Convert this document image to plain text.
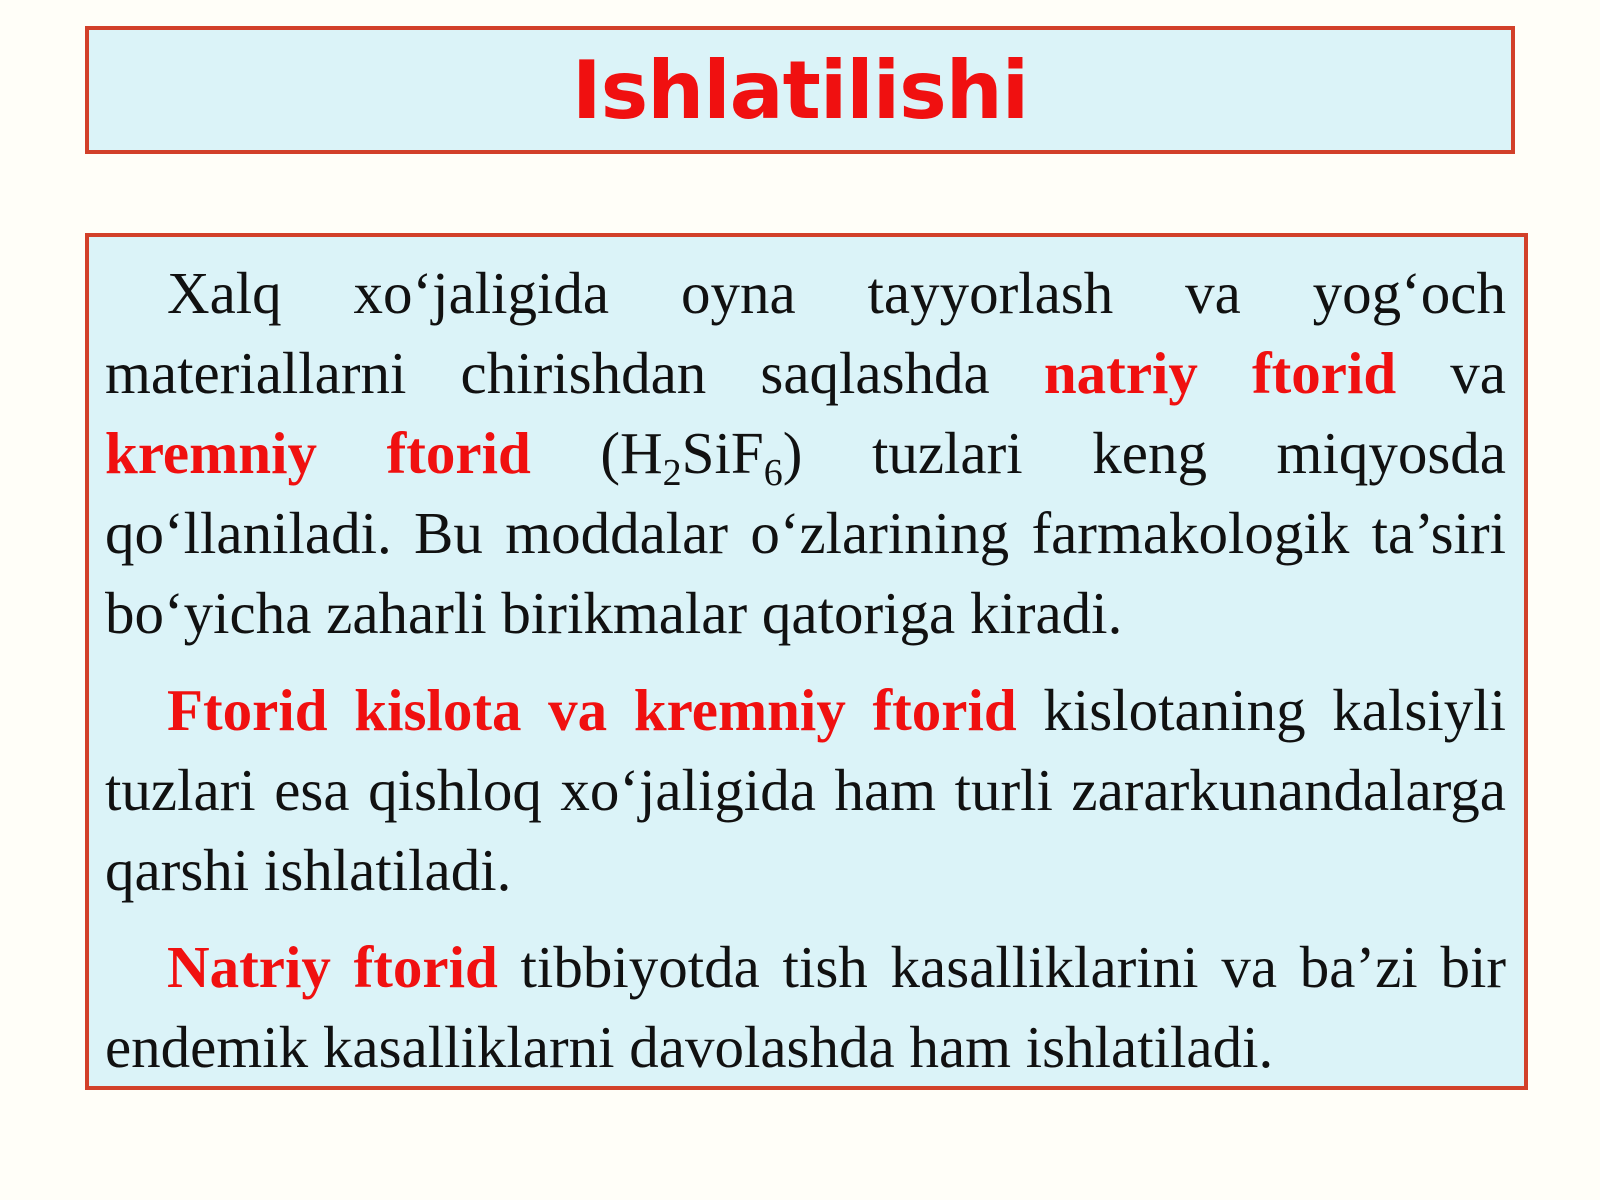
Ishlatilishi

Xalq xo‘jaligida oyna tayyorlash va yog‘och materiallarni chirishdan saqlashda natriy ftorid va kremniy ftorid $(H_2SiF_6)$ tuzlari keng miqyosda qo‘llaniladi. Bu moddalar o‘zlarining farmakologik ta’siri bo‘yicha zaharli birikmalar qatoriga kiradi.

Ftorid kislota va kremniy ftorid kislotaning kalsiyli tuzlari esa qishloq xo‘jaligida ham turli zararkunandalarga qarshi ishlatiladi.

Natriy ftorid tibbiyotda tish kasalliklarini va ba’zi bir endemik kasalliklarni davolashda ham ishlatiladi.
